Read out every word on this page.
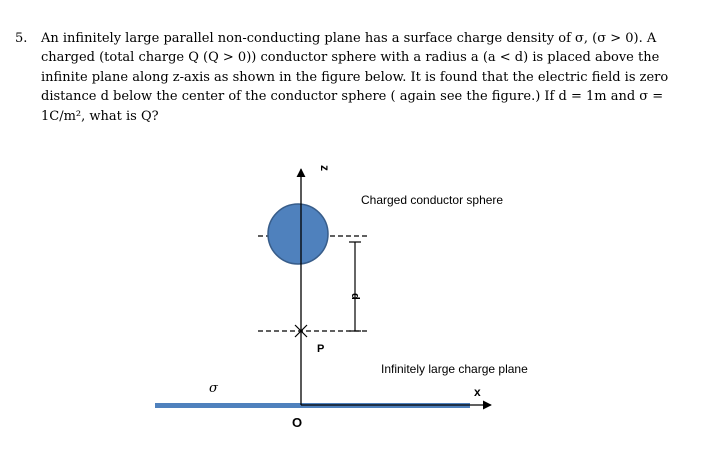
5. An infinitely large parallel non-conducting plane has a surface charge density of σ, (σ > 0). A
charged (total charge Q (Q > 0)) conductor sphere with a radius a (a < d) is placed above the
infinite plane along z-axis as shown in the figure below. It is found that the electric field is zero
distance d below the center of the conductor sphere ( again see the figure.) If d = 1m and σ =
1C/m², what is Q?
z
Charged conductor sphere
d
P
Infinitely large charge plane
x
σ
O
